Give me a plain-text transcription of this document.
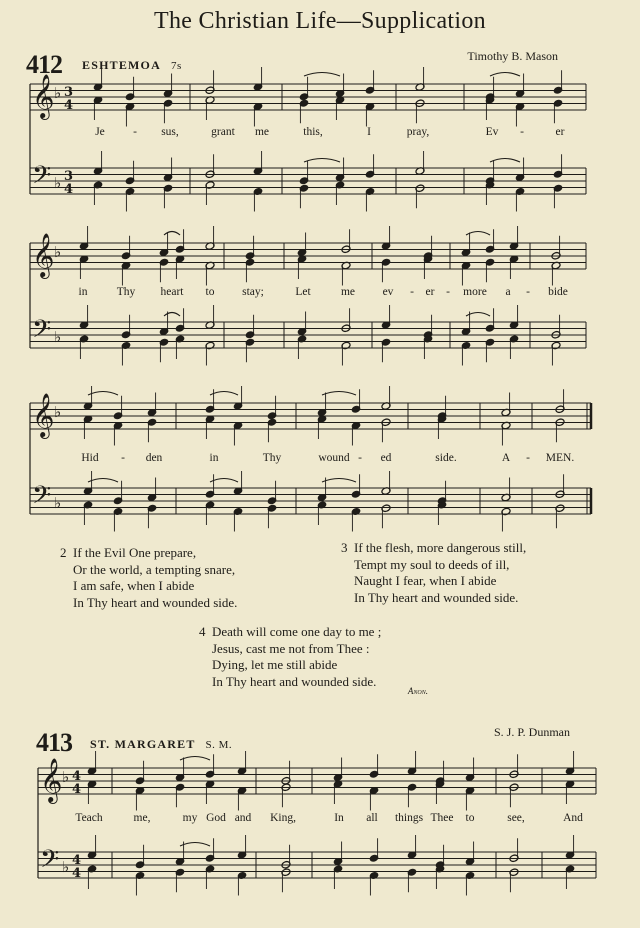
The Christian Life—Supplication
412 ESHTEMOA 7s
Timothy B. Mason
Je - sus,	grant me	this,	I	pray,	Ev -	er
in	Thy heart to stay;	Let	me ev - er - more a - bide
Hid - den	in	Thy	wound - ed	side.	A - MEN.
Teach	me,	my God and King,	In all things Thee to	see,	And
2 If the Evil One prepare,
Or the world, a tempting snare,
I am safe, when I abide
In Thy heart and wounded side.
3 If the flesh, more dangerous still,
Tempt my soul to deeds of ill,
Naught I fear, when I abide
In Thy heart and wounded side.
4 Death will come one day to me ;
Jesus, cast me not from Thee :
Dying, let me still abide
In Thy heart and wounded side.
Anon.
413 ST. MARGARET S. M.
S. J. P. Dunman
𝄞
𝄢
♭
♭
3
4
3
4
𝄞
𝄢
♭
♭
𝄞
𝄢
♭
♭
𝄞
𝄢
♭
♭
4
4
4
4
